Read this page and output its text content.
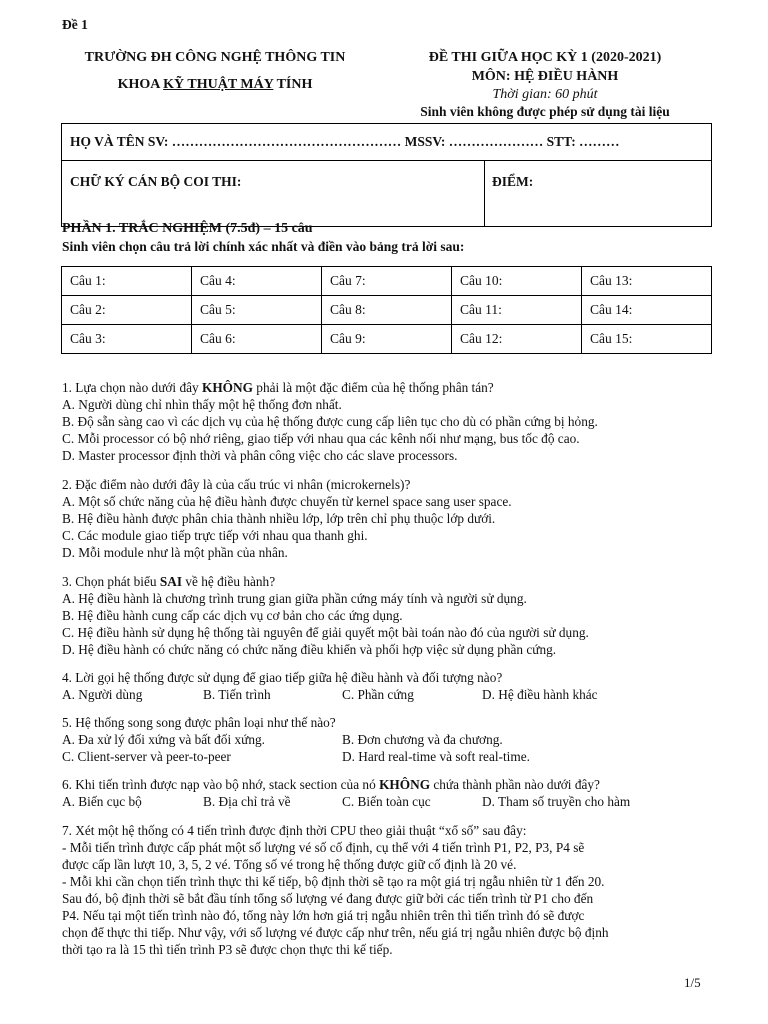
Đề 1
TRƯỜNG ĐH CÔNG NGHỆ THÔNG TIN
KHOA KỸ THUẬT MÁY TÍNH
ĐỀ THI GIỮA HỌC KỲ 1 (2020-2021)
MÔN: HỆ ĐIỀU HÀNH
Thời gian: 60 phút
Sinh viên không được phép sử dụng tài liệu
HỌ VÀ TÊN SV: …………………………………………… MSSV: ………………… STT: ………
CHỮ KÝ CÁN BỘ COI THI:	ĐIỂM:
PHẦN 1. TRẮC NGHIỆM (7.5đ) – 15 câu
Sinh viên chọn câu trả lời chính xác nhất và điền vào bảng trả lời sau:
Câu 1:	Câu 4:	Câu 7:	Câu 10:	Câu 13:
Câu 2:	Câu 5:	Câu 8:	Câu 11:	Câu 14:
Câu 3:	Câu 6:	Câu 9:	Câu 12:	Câu 15:
1. Lựa chọn nào dưới đây KHÔNG phải là một đặc điểm của hệ thống phân tán?
A. Người dùng chỉ nhìn thấy một hệ thống đơn nhất.
B. Độ sẵn sàng cao vì các dịch vụ của hệ thống được cung cấp liên tục cho dù có phần cứng bị hỏng.
C. Mỗi processor có bộ nhớ riêng, giao tiếp với nhau qua các kênh nối như mạng, bus tốc độ cao.
D. Master processor định thời và phân công việc cho các slave processors.
2. Đặc điểm nào dưới đây là của cấu trúc vi nhân (microkernels)?
A. Một số chức năng của hệ điều hành được chuyển từ kernel space sang user space.
B. Hệ điều hành được phân chia thành nhiều lớp, lớp trên chỉ phụ thuộc lớp dưới.
C. Các module giao tiếp trực tiếp với nhau qua thanh ghi.
D. Mỗi module như là một phần của nhân.
3. Chọn phát biểu SAI về hệ điều hành?
A. Hệ điều hành là chương trình trung gian giữa phần cứng máy tính và người sử dụng.
B. Hệ điều hành cung cấp các dịch vụ cơ bản cho các ứng dụng.
C. Hệ điều hành sử dụng hệ thống tài nguyên để giải quyết một bài toán nào đó của người sử dụng.
D. Hệ điều hành có chức năng có chức năng điều khiển và phối hợp việc sử dụng phần cứng.
4. Lời gọi hệ thống được sử dụng để giao tiếp giữa hệ điều hành và đối tượng nào?
A. Người dùng	B. Tiến trình	C. Phần cứng	D. Hệ điều hành khác
5. Hệ thống song song được phân loại như thế nào?
A. Đa xử lý đối xứng và bất đối xứng.	B. Đơn chương và đa chương.
C. Client-server và peer-to-peer	D. Hard real-time và soft real-time.
6. Khi tiến trình được nạp vào bộ nhớ, stack section của nó KHÔNG chứa thành phần nào dưới đây?
A. Biến cục bộ	B. Địa chỉ trả về	C. Biến toàn cục	D. Tham số truyền cho hàm
7. Xét một hệ thống có 4 tiến trình được định thời CPU theo giải thuật “xổ số” sau đây:
- Mỗi tiến trình được cấp phát một số lượng vé số cố định, cụ thể với 4 tiến trình P1, P2, P3, P4 sẽ
được cấp lần lượt 10, 3, 5, 2 vé. Tổng số vé trong hệ thống được giữ cố định là 20 vé.
- Mỗi khi cần chọn tiến trình thực thi kế tiếp, bộ định thời sẽ tạo ra một giá trị ngẫu nhiên từ 1 đến 20.
Sau đó, bộ định thời sẽ bắt đầu tính tổng số lượng vé đang được giữ bởi các tiến trình từ P1 cho đến
P4. Nếu tại một tiến trình nào đó, tổng này lớn hơn giá trị ngẫu nhiên trên thì tiến trình đó sẽ được
chọn để thực thi tiếp. Như vậy, với số lượng vé được cấp như trên, nếu giá trị ngẫu nhiên được bộ định
thời tạo ra là 15 thì tiến trình P3 sẽ được chọn thực thi kế tiếp.
1/5
